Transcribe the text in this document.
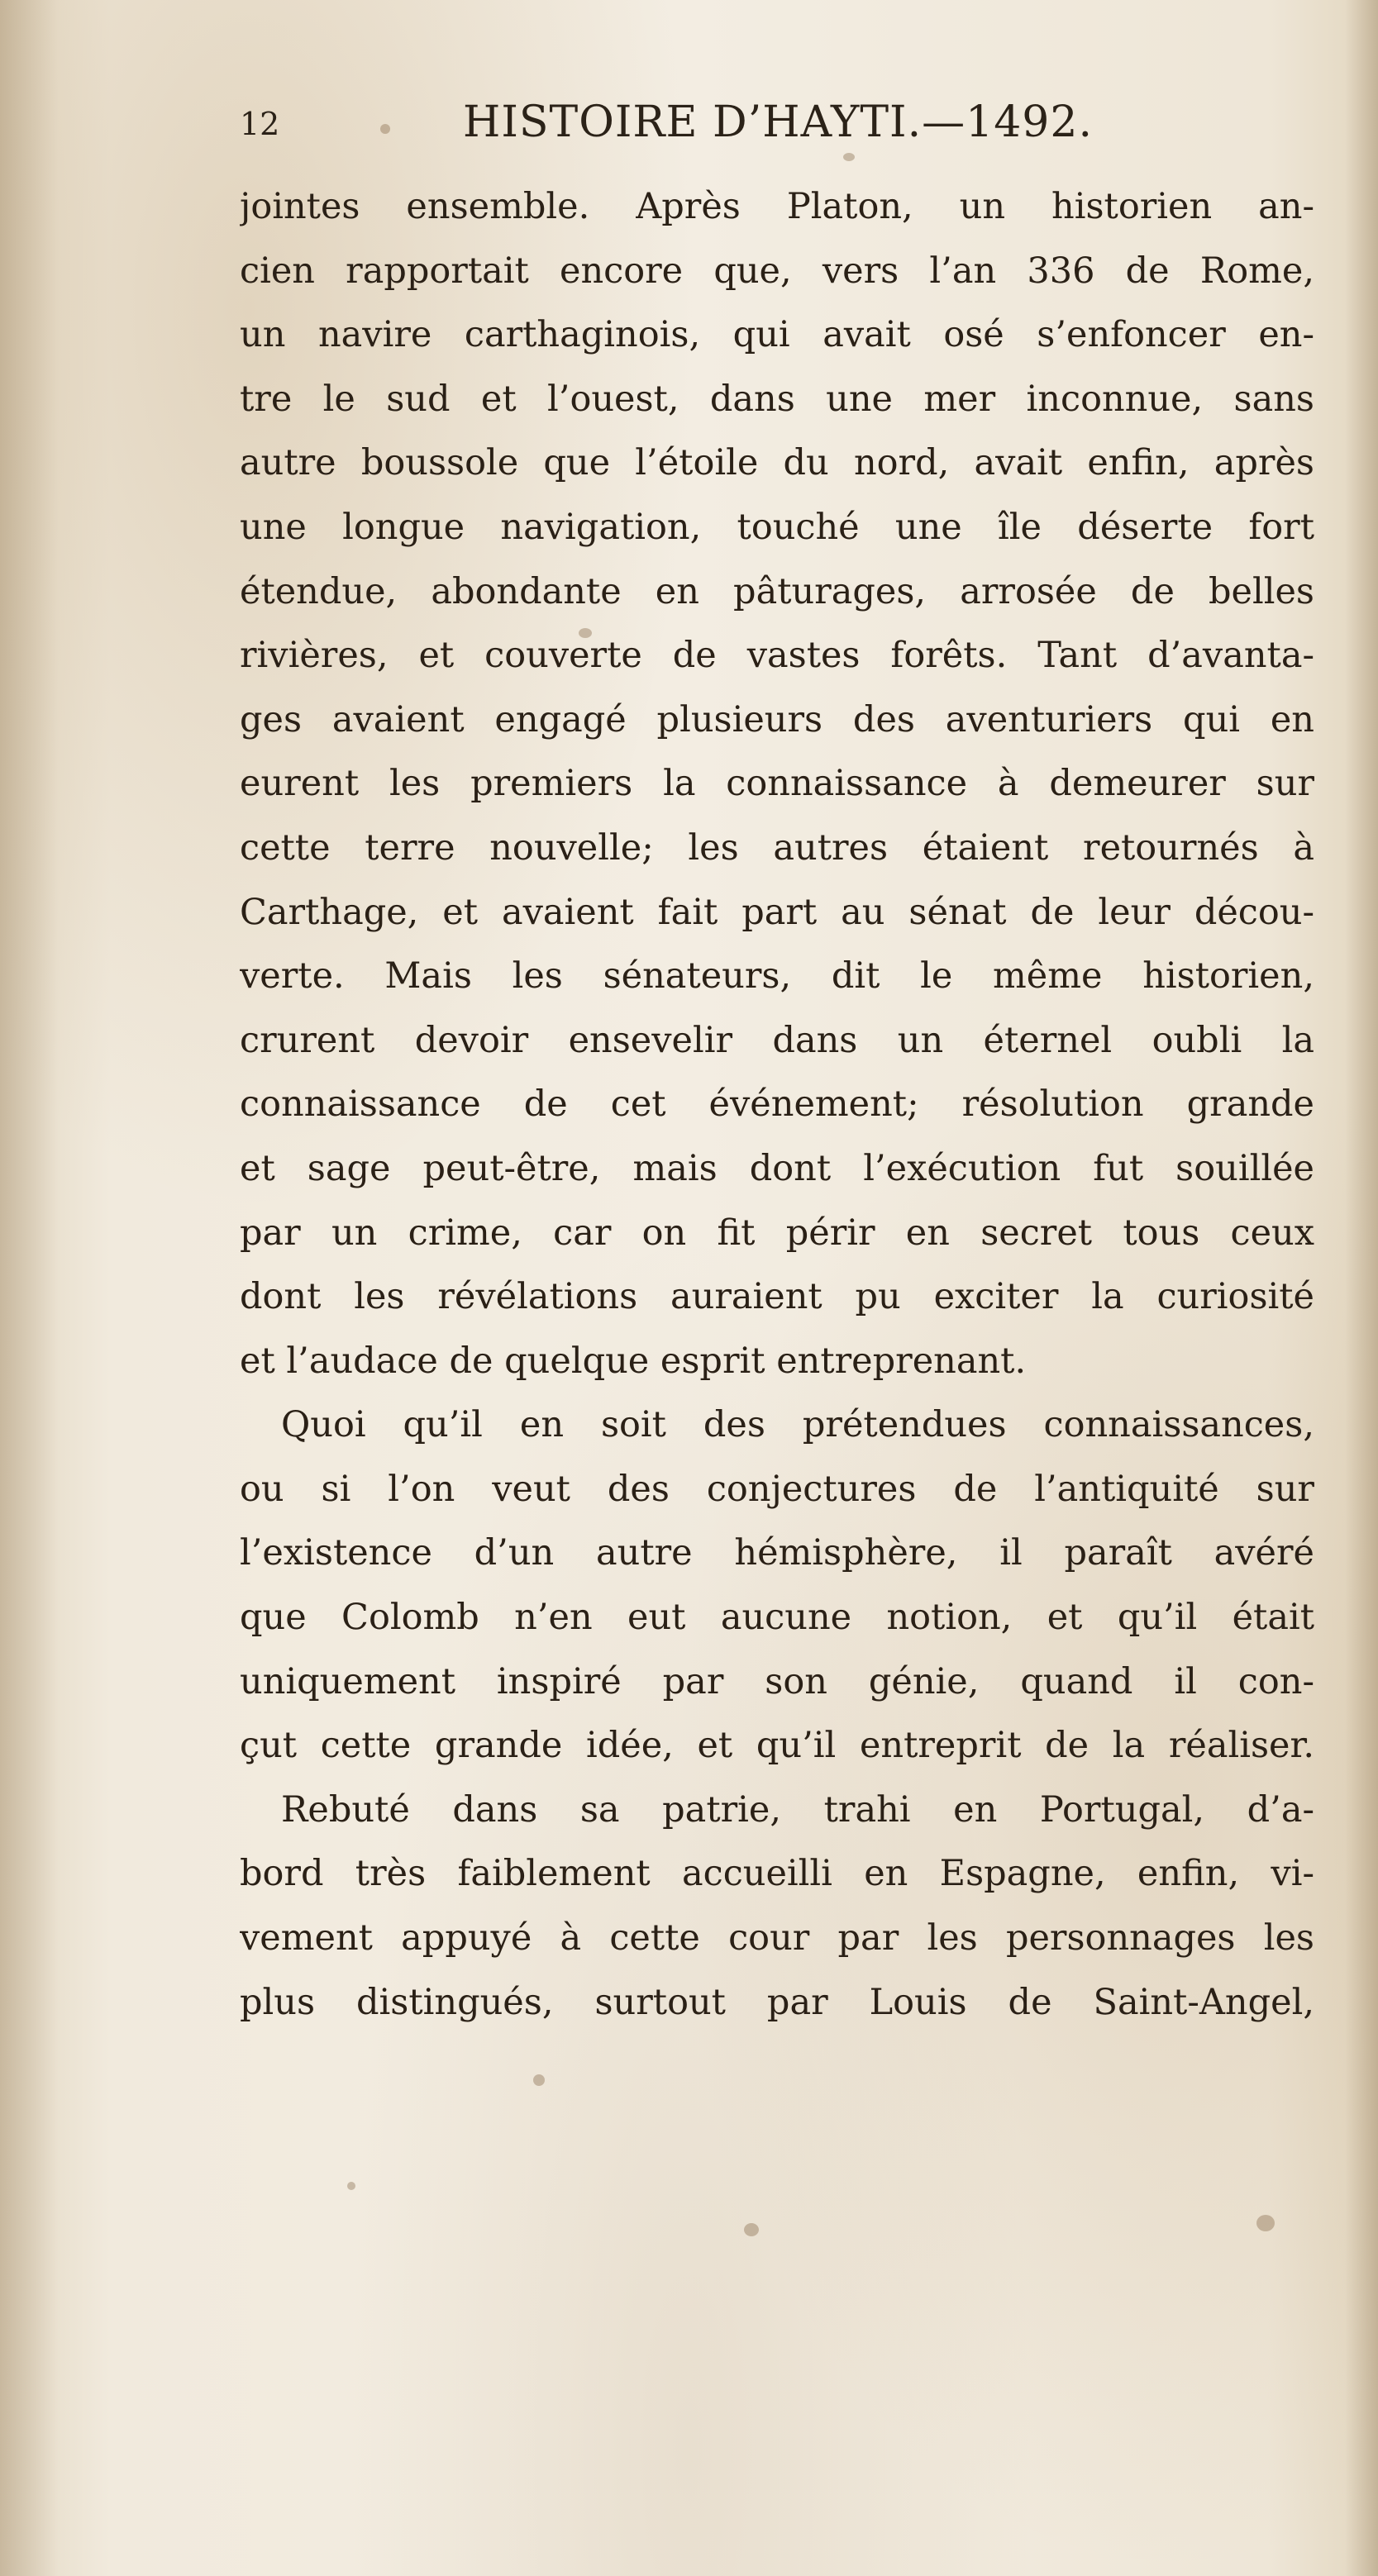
12	HISTOIRE D’HAYTI.—1492.
jointes ensemble. Après Platon, un historien an-
cien rapportait encore que, vers l’an 336 de Rome,
un navire carthaginois, qui avait osé s’enfoncer en-
tre le sud et l’ouest, dans une mer inconnue, sans
autre boussole que l’étoile du nord, avait enfin, après
une longue navigation, touché une île déserte fort
étendue, abondante en pâturages, arrosée de belles
rivières, et couverte de vastes forêts. Tant d’avanta-
ges avaient engagé plusieurs des aventuriers qui en
eurent les premiers la connaissance à demeurer sur
cette terre nouvelle; les autres étaient retournés à
Carthage, et avaient fait part au sénat de leur décou-
verte. Mais les sénateurs, dit le même historien,
crurent devoir ensevelir dans un éternel oubli la
connaissance de cet événement; résolution grande
et sage peut-être, mais dont l’exécution fut souillée
par un crime, car on fit périr en secret tous ceux
dont les révélations auraient pu exciter la curiosité
et l’audace de quelque esprit entreprenant.
Quoi qu’il en soit des prétendues connaissances,
ou si l’on veut des conjectures de l’antiquité sur
l’existence d’un autre hémisphère, il paraît avéré
que Colomb n’en eut aucune notion, et qu’il était
uniquement inspiré par son génie, quand il con-
çut cette grande idée, et qu’il entreprit de la réaliser.
Rebuté dans sa patrie, trahi en Portugal, d’a-
bord très faiblement accueilli en Espagne, enfin, vi-
vement appuyé à cette cour par les personnages les
plus distingués, surtout par Louis de Saint-Angel,
